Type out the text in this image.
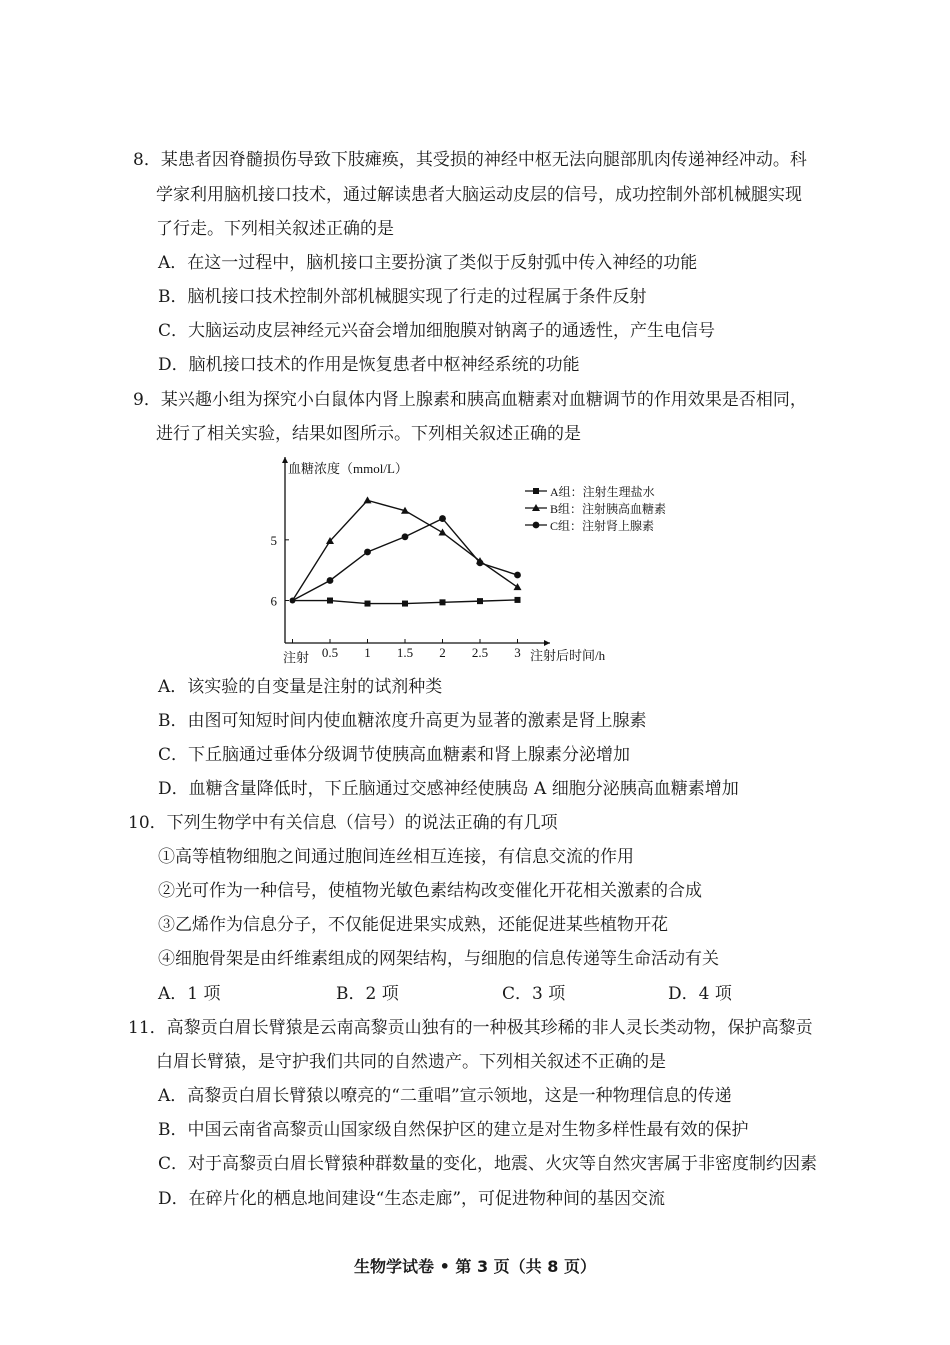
8．某患者因脊髓损伤导致下肢瘫痪，其受损的神经中枢无法向腿部肌肉传递神经冲动。科
学家利用脑机接口技术，通过解读患者大脑运动皮层的信号，成功控制外部机械腿实现
了行走。下列相关叙述正确的是
A．在这一过程中，脑机接口主要扮演了类似于反射弧中传入神经的功能
B．脑机接口技术控制外部机械腿实现了行走的过程属于条件反射
C．大脑运动皮层神经元兴奋会增加细胞膜对钠离子的通透性，产生电信号
D．脑机接口技术的作用是恢复患者中枢神经系统的功能
9．某兴趣小组为探究小白鼠体内肾上腺素和胰高血糖素对血糖调节的作用效果是否相同，
进行了相关实验，结果如图所示。下列相关叙述正确的是
血糖浓度（mmol/L）
注射后时间/h
注射 0.5 1 1.5 2 2.5 3
5
6
A组：注射生理盐水
B组：注射胰高血糖素
C组：注射肾上腺素
A．该实验的自变量是注射的试剂种类
B．由图可知短时间内使血糖浓度升高更为显著的激素是肾上腺素
C．下丘脑通过垂体分级调节使胰高血糖素和肾上腺素分泌增加
D．血糖含量降低时，下丘脑通过交感神经使胰岛 A 细胞分泌胰高血糖素增加
10．下列生物学中有关信息（信号）的说法正确的有几项
①高等植物细胞之间通过胞间连丝相互连接，有信息交流的作用
②光可作为一种信号，使植物光敏色素结构改变催化开花相关激素的合成
③乙烯作为信息分子，不仅能促进果实成熟，还能促进某些植物开花
④细胞骨架是由纤维素组成的网架结构，与细胞的信息传递等生命活动有关
A．1 项	B．2 项	C．3 项	D．4 项
11．高黎贡白眉长臂猿是云南高黎贡山独有的一种极其珍稀的非人灵长类动物，保护高黎贡
白眉长臂猿，是守护我们共同的自然遗产。下列相关叙述不正确的是
A．高黎贡白眉长臂猿以嘹亮的“二重唱”宣示领地，这是一种物理信息的传递
B．中国云南省高黎贡山国家级自然保护区的建立是对生物多样性最有效的保护
C．对于高黎贡白眉长臂猿种群数量的变化，地震、火灾等自然灾害属于非密度制约因素
D．在碎片化的栖息地间建设“生态走廊”，可促进物种间的基因交流
生物学试卷 • 第 3 页（共 8 页）
